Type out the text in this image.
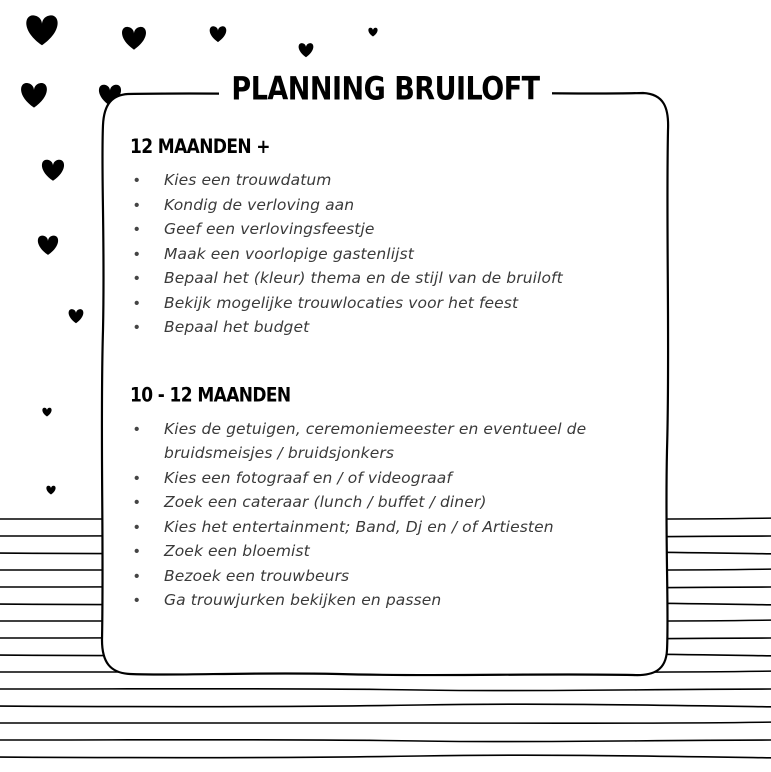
PLANNING BRUILOFT
12 MAANDEN +
• Kies een trouwdatum
• Kondig de verloving aan
• Geef een verlovingsfeestje
• Maak een voorlopige gastenlijst
• Bepaal het (kleur) thema en de stijl van de bruiloft
• Bekijk mogelijke trouwlocaties voor het feest
• Bepaal het budget
10 - 12 MAANDEN
• Kies de getuigen, ceremoniemeester en eventueel de bruidsmeisjes / bruidsjonkers
• Kies een fotograaf en / of videograaf
• Zoek een cateraar (lunch / buffet / diner)
• Kies het entertainment; Band, Dj en / of Artiesten
• Zoek een bloemist
• Bezoek een trouwbeurs
• Ga trouwjurken bekijken en passen
